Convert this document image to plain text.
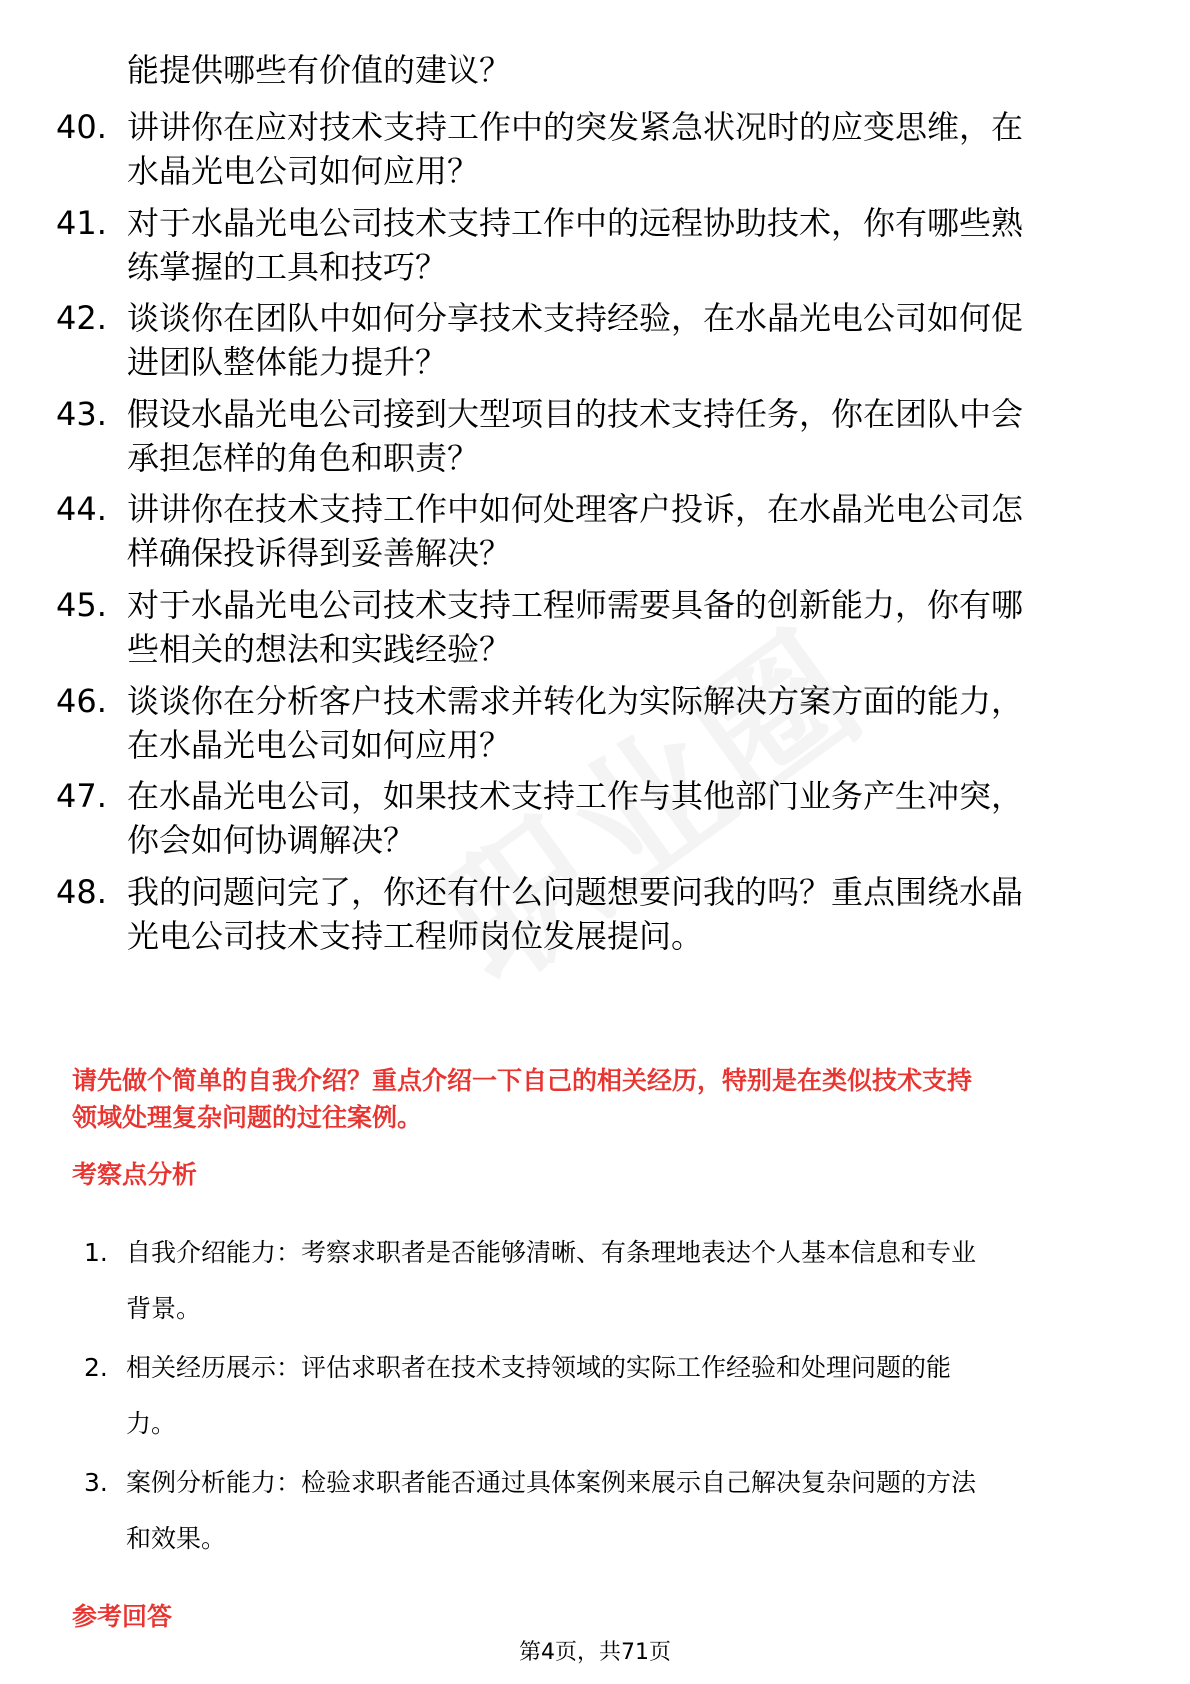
能提供哪些有价值的建议？
40. 讲讲你在应对技术支持工作中的突发紧急状况时的应变思维，在
水晶光电公司如何应用？
41. 对于水晶光电公司技术支持工作中的远程协助技术，你有哪些熟
练掌握的工具和技巧？
42. 谈谈你在团队中如何分享技术支持经验，在水晶光电公司如何促
进团队整体能力提升？
43. 假设水晶光电公司接到大型项目的技术支持任务，你在团队中会
承担怎样的角色和职责？
44. 讲讲你在技术支持工作中如何处理客户投诉，在水晶光电公司怎
样确保投诉得到妥善解决？
45. 对于水晶光电公司技术支持工程师需要具备的创新能力，你有哪
些相关的想法和实践经验？
46. 谈谈你在分析客户技术需求并转化为实际解决方案方面的能力，
在水晶光电公司如何应用？
47. 在水晶光电公司，如果技术支持工作与其他部门业务产生冲突，
你会如何协调解决？
48. 我的问题问完了，你还有什么问题想要问我的吗？重点围绕水晶
光电公司技术支持工程师岗位发展提问。
请先做个简单的自我介绍？重点介绍一下自己的相关经历，特别是在类似技术支持
领域处理复杂问题的过往案例。
考察点分析
1. 自我介绍能力：考察求职者是否能够清晰、有条理地表达个人基本信息和专业
背景。
2. 相关经历展示：评估求职者在技术支持领域的实际工作经验和处理问题的能
力。
3. 案例分析能力：检验求职者能否通过具体案例来展示自己解决复杂问题的方法
和效果。
参考回答
第4页，共71页
